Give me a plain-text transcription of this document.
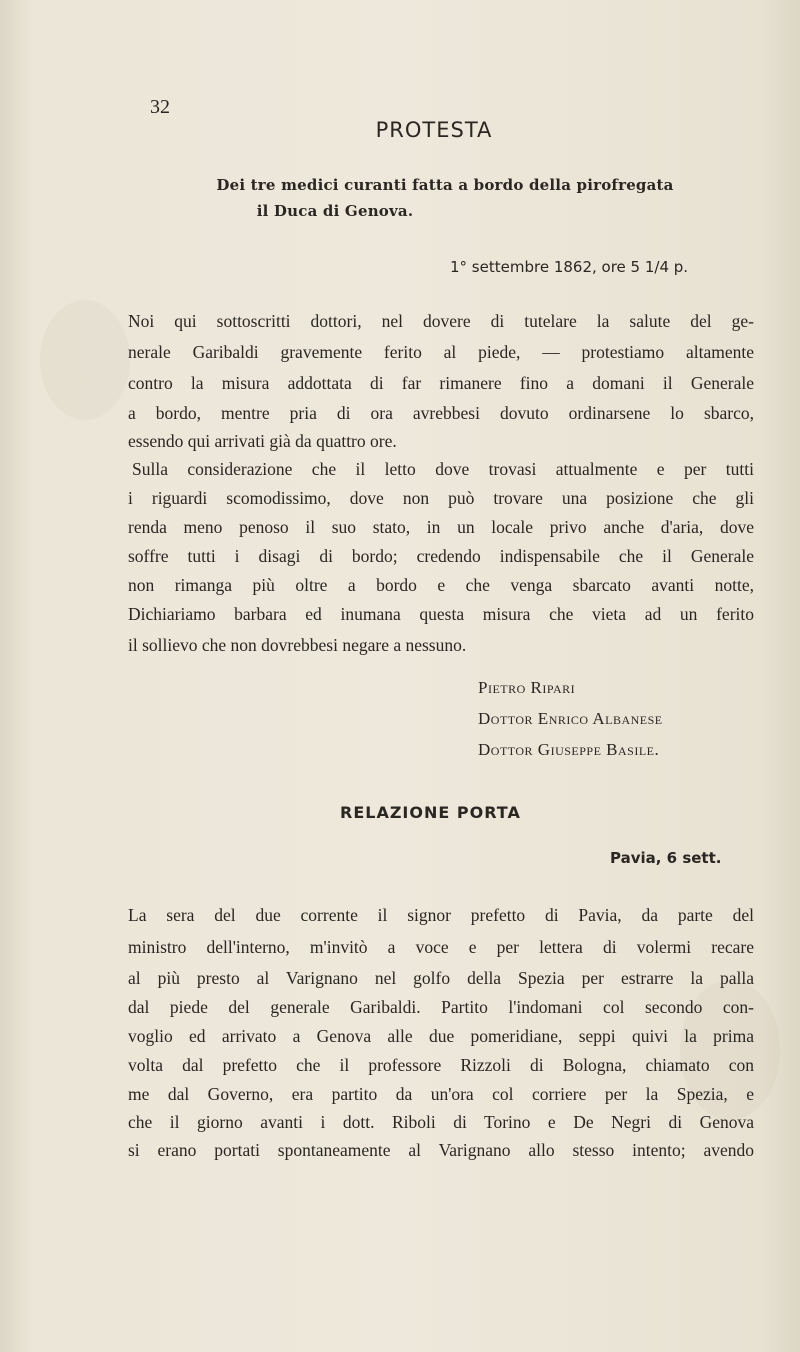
32
PROTESTA
Dei tre medici curanti fatta a bordo della pirofregata
il Duca di Genova.
1° settembre 1862, ore 5 1/4 p.
Noi qui sottoscritti dottori, nel dovere di tutelare la salute del ge-
nerale Garibaldi gravemente ferito al piede, — protestiamo altamente
contro la misura addottata di far rimanere fino a domani il Generale
a bordo, mentre pria di ora avrebbesi dovuto ordinarsene lo sbarco,
essendo qui arrivati già da quattro ore.
Sulla considerazione che il letto dove trovasi attualmente e per tutti
i riguardi scomodissimo, dove non può trovare una posizione che gli
renda meno penoso il suo stato, in un locale privo anche d'aria, dove
soffre tutti i disagi di bordo; credendo indispensabile che il Generale
non rimanga più oltre a bordo e che venga sbarcato avanti notte,
Dichiariamo barbara ed inumana questa misura che vieta ad un ferito
il sollievo che non dovrebbesi negare a nessuno.
Pietro Ripari
Dottor Enrico Albanese
Dottor Giuseppe Basile.
RELAZIONE PORTA
Pavia, 6 sett.
La sera del due corrente il signor prefetto di Pavia, da parte del
ministro dell'interno, m'invitò a voce e per lettera di volermi recare
al più presto al Varignano nel golfo della Spezia per estrarre la palla
dal piede del generale Garibaldi. Partito l'indomani col secondo con-
voglio ed arrivato a Genova alle due pomeridiane, seppi quivi la prima
volta dal prefetto che il professore Rizzoli di Bologna, chiamato con
me dal Governo, era partito da un'ora col corriere per la Spezia, e
che il giorno avanti i dott. Riboli di Torino e De Negri di Genova
si erano portati spontaneamente al Varignano allo stesso intento; avendo
